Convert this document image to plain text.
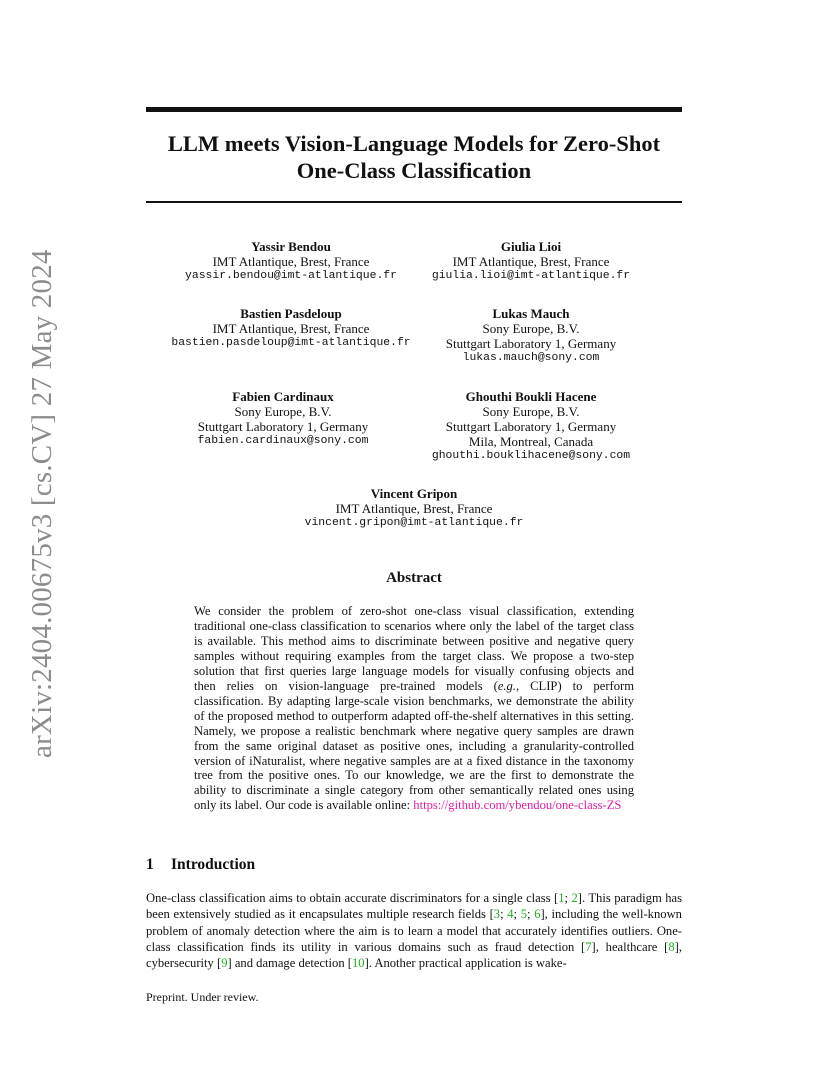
arXiv:2404.00675v3 [cs.CV] 27 May 2024
LLM meets Vision-Language Models for Zero-Shot
One-Class Classification
Yassir Bendou
IMT Atlantique, Brest, France
yassir.bendou@imt-atlantique.fr
Giulia Lioi
IMT Atlantique, Brest, France
giulia.lioi@imt-atlantique.fr
Bastien Pasdeloup
IMT Atlantique, Brest, France
bastien.pasdeloup@imt-atlantique.fr
Lukas Mauch
Sony Europe, B.V.
Stuttgart Laboratory 1, Germany
lukas.mauch@sony.com
Fabien Cardinaux
Sony Europe, B.V.
Stuttgart Laboratory 1, Germany
fabien.cardinaux@sony.com
Ghouthi Boukli Hacene
Sony Europe, B.V.
Stuttgart Laboratory 1, Germany
Mila, Montreal, Canada
ghouthi.bouklihacene@sony.com
Vincent Gripon
IMT Atlantique, Brest, France
vincent.gripon@imt-atlantique.fr
Abstract
We consider the problem of zero-shot one-class visual classification, extending traditional one-class classification to scenarios where only the label of the target class is available. This method aims to discriminate between positive and negative query samples without requiring examples from the target class. We propose a two-step solution that first queries large language models for visually confusing objects and then relies on vision-language pre-trained models (e.g., CLIP) to perform classification. By adapting large-scale vision benchmarks, we demonstrate the ability of the proposed method to outperform adapted off-the-shelf alternatives in this setting. Namely, we propose a realistic benchmark where negative query samples are drawn from the same original dataset as positive ones, including a granularity-controlled version of iNaturalist, where negative samples are at a fixed distance in the taxonomy tree from the positive ones. To our knowledge, we are the first to demonstrate the ability to discriminate a single category from other semantically related ones using only its label. Our code is available online: https://github.com/ybendou/one-class-ZS
1 Introduction
One-class classification aims to obtain accurate discriminators for a single class [1; 2]. This paradigm has been extensively studied as it encapsulates multiple research fields [3; 4; 5; 6], including the well-known problem of anomaly detection where the aim is to learn a model that accurately identifies outliers. One-class classification finds its utility in various domains such as fraud detection [7], healthcare [8], cybersecurity [9] and damage detection [10]. Another practical application is wake-
Preprint. Under review.
